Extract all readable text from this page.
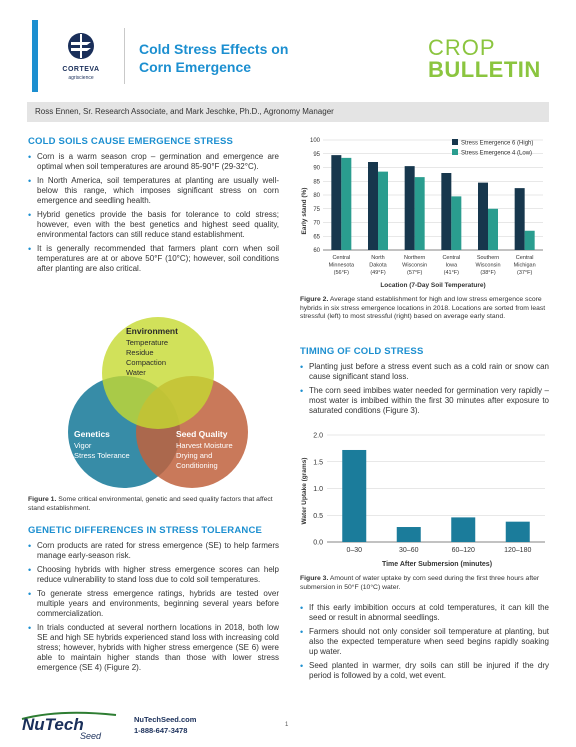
CORTEVA
agriscience
Cold Stress Effects on
Corn Emergence
CROP
BULLETIN
Ross Ennen, Sr. Research Associate, and Mark Jeschke, Ph.D., Agronomy Manager
COLD SOILS CAUSE EMERGENCE STRESS
• Corn is a warm season crop – germination and emergence are optimal when soil temperatures are around 85-90°F (29-32°C).
• In North America, soil temperatures at planting are usually well-below this range, which imposes significant stress on corn emergence and seedling health.
• Hybrid genetics provide the basis for tolerance to cold stress; however, even with the best genetics and highest seed quality, environmental factors can still reduce stand establishment.
• It is generally recommended that farmers plant corn when soil temperatures are at or above 50°F (10°C); however, soil conditions after planting are also critical.
Environment
Temperature
Residue
Compaction
Water
Genetics
Vigor
Stress Tolerance
Seed Quality
Harvest Moisture
Drying and
Conditioning
Figure 1. Some critical environmental, genetic and seed quality factors that affect stand establishment.
GENETIC DIFFERENCES IN STRESS TOLERANCE
• Corn products are rated for stress emergence (SE) to help farmers manage early-season risk.
• Choosing hybrids with higher stress emergence scores can help reduce vulnerability to stand loss due to cold soil temperatures.
• To generate stress emergence ratings, hybrids are tested over multiple years and environments, beginning several years before commercialization.
• In trials conducted at several northern locations in 2018, both low SE and high SE hybrids experienced stand loss with increasing cold stress; however, hybrids with higher stress emergence (SE 6) were able to maintain higher stands than those with lower stress emergence (SE 4) (Figure 2).
Early stand (%)
60
65
70
75
80
85
90
95
100
Central
Minnesota
(56°F)
North
Dakota
(49°F)
Northern
Wisconsin
(57°F)
Central
Iowa
(41°F)
Southern
Wisconsin
(38°F)
Central
Michigan
(37°F)
Location (7-Day Soil Temperature)
Stress Emergence 6 (High)
Stress Emergence 4 (Low)
Figure 2. Average stand establishment for high and low stress emergence score hybrids in six stress emergence locations in 2018. Locations are sorted from least stressful (left) to most stressful (right) based on average early stand.
TIMING OF COLD STRESS
• Planting just before a stress event such as a cold rain or snow can cause significant stand loss.
• The corn seed imbibes water needed for germination very rapidly – most water is imbibed within the first 30 minutes after exposure to saturated conditions (Figure 3).
Water Uptake (grams)
0.0
0.5
1.0
1.5
2.0
0–30	30–60	60–120	120–180
Time After Submersion (minutes)
Figure 3. Amount of water uptake by corn seed during the first three hours after submersion in 50°F (10°C) water.
• If this early imbibition occurs at cold temperatures, it can kill the seed or result in abnormal seedlings.
• Farmers should not only consider soil temperature at planting, but also the expected temperature when seed begins rapidly soaking up water.
• Seed planted in warmer, dry soils can still be injured if the dry period is followed by a cold, wet event.
NuTech
Seed
NuTechSeed.com
1-888-647-3478
1
